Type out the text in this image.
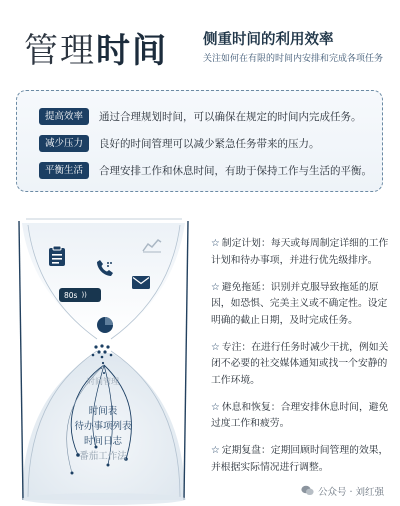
管理 时间 侧重时间的利用效率
关注如何在有限的时间内安排和完成各项任务
提高效率	通过合理规划时间，可以确保在规定的时间内完成任务。
减少压力	良好的时间管理可以减少紧急任务带来的压力。
平衡生活	合理安排工作和休息时间，有助于保持工作与生活的平衡。
80s ))
时间管理
时间表
待办事项列表
时间日志
番茄工作法
☆ 制定计划：每天或每周制定详细的工作计划和待办事项，并进行优先级排序。
☆ 避免拖延：识别并克服导致拖延的原因，如恐惧、完美主义或不确定性。设定明确的截止日期，及时完成任务。
☆ 专注：在进行任务时减少干扰，例如关闭不必要的社交媒体通知或找一个安静的工作环境。
☆ 休息和恢复：合理安排休息时间，避免过度工作和疲劳。
☆ 定期复盘：定期回顾时间管理的效果，并根据实际情况进行调整。
公众号 · 刘红强
